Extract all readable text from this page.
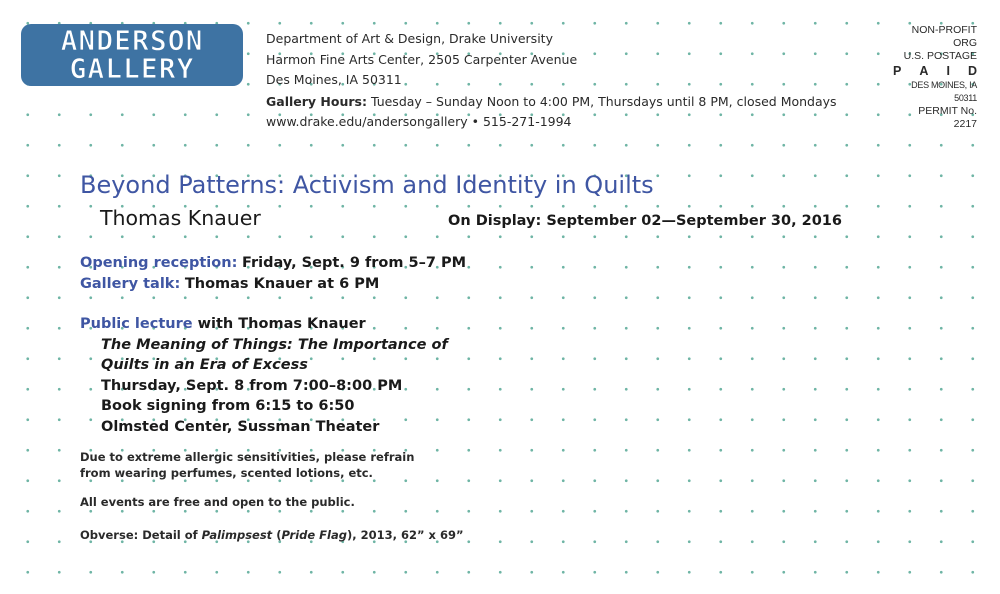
ANDERSON
GALLERY
Department of Art & Design, Drake University
Harmon Fine Arts Center, 2505 Carpenter Avenue
Des Moines, IA 50311
Gallery Hours: Tuesday – Sunday Noon to 4:00 PM, Thursdays until 8 PM, closed Mondays
www.drake.edu/andersongallery • 515-271-1994
NON-PROFIT ORG
U.S. POSTAGE
P A I D
DES MOINES, IA 50311
PERMIT No. 2217
Beyond Patterns: Activism and Identity in Quilts
Thomas Knauer	On Display: September 02—September 30, 2016
Opening reception: Friday, Sept. 9 from 5–7 PM
Gallery talk: Thomas Knauer at 6 PM
Public lecture with Thomas Knauer
The Meaning of Things: The Importance of
Quilts in an Era of Excess
Thursday, Sept. 8 from 7:00–8:00 PM
Book signing from 6:15 to 6:50
Olmsted Center, Sussman Theater
Due to extreme allergic sensitivities, please refrain
from wearing perfumes, scented lotions, etc.
All events are free and open to the public.
Obverse: Detail of Palimpsest (Pride Flag), 2013, 62” x 69”
